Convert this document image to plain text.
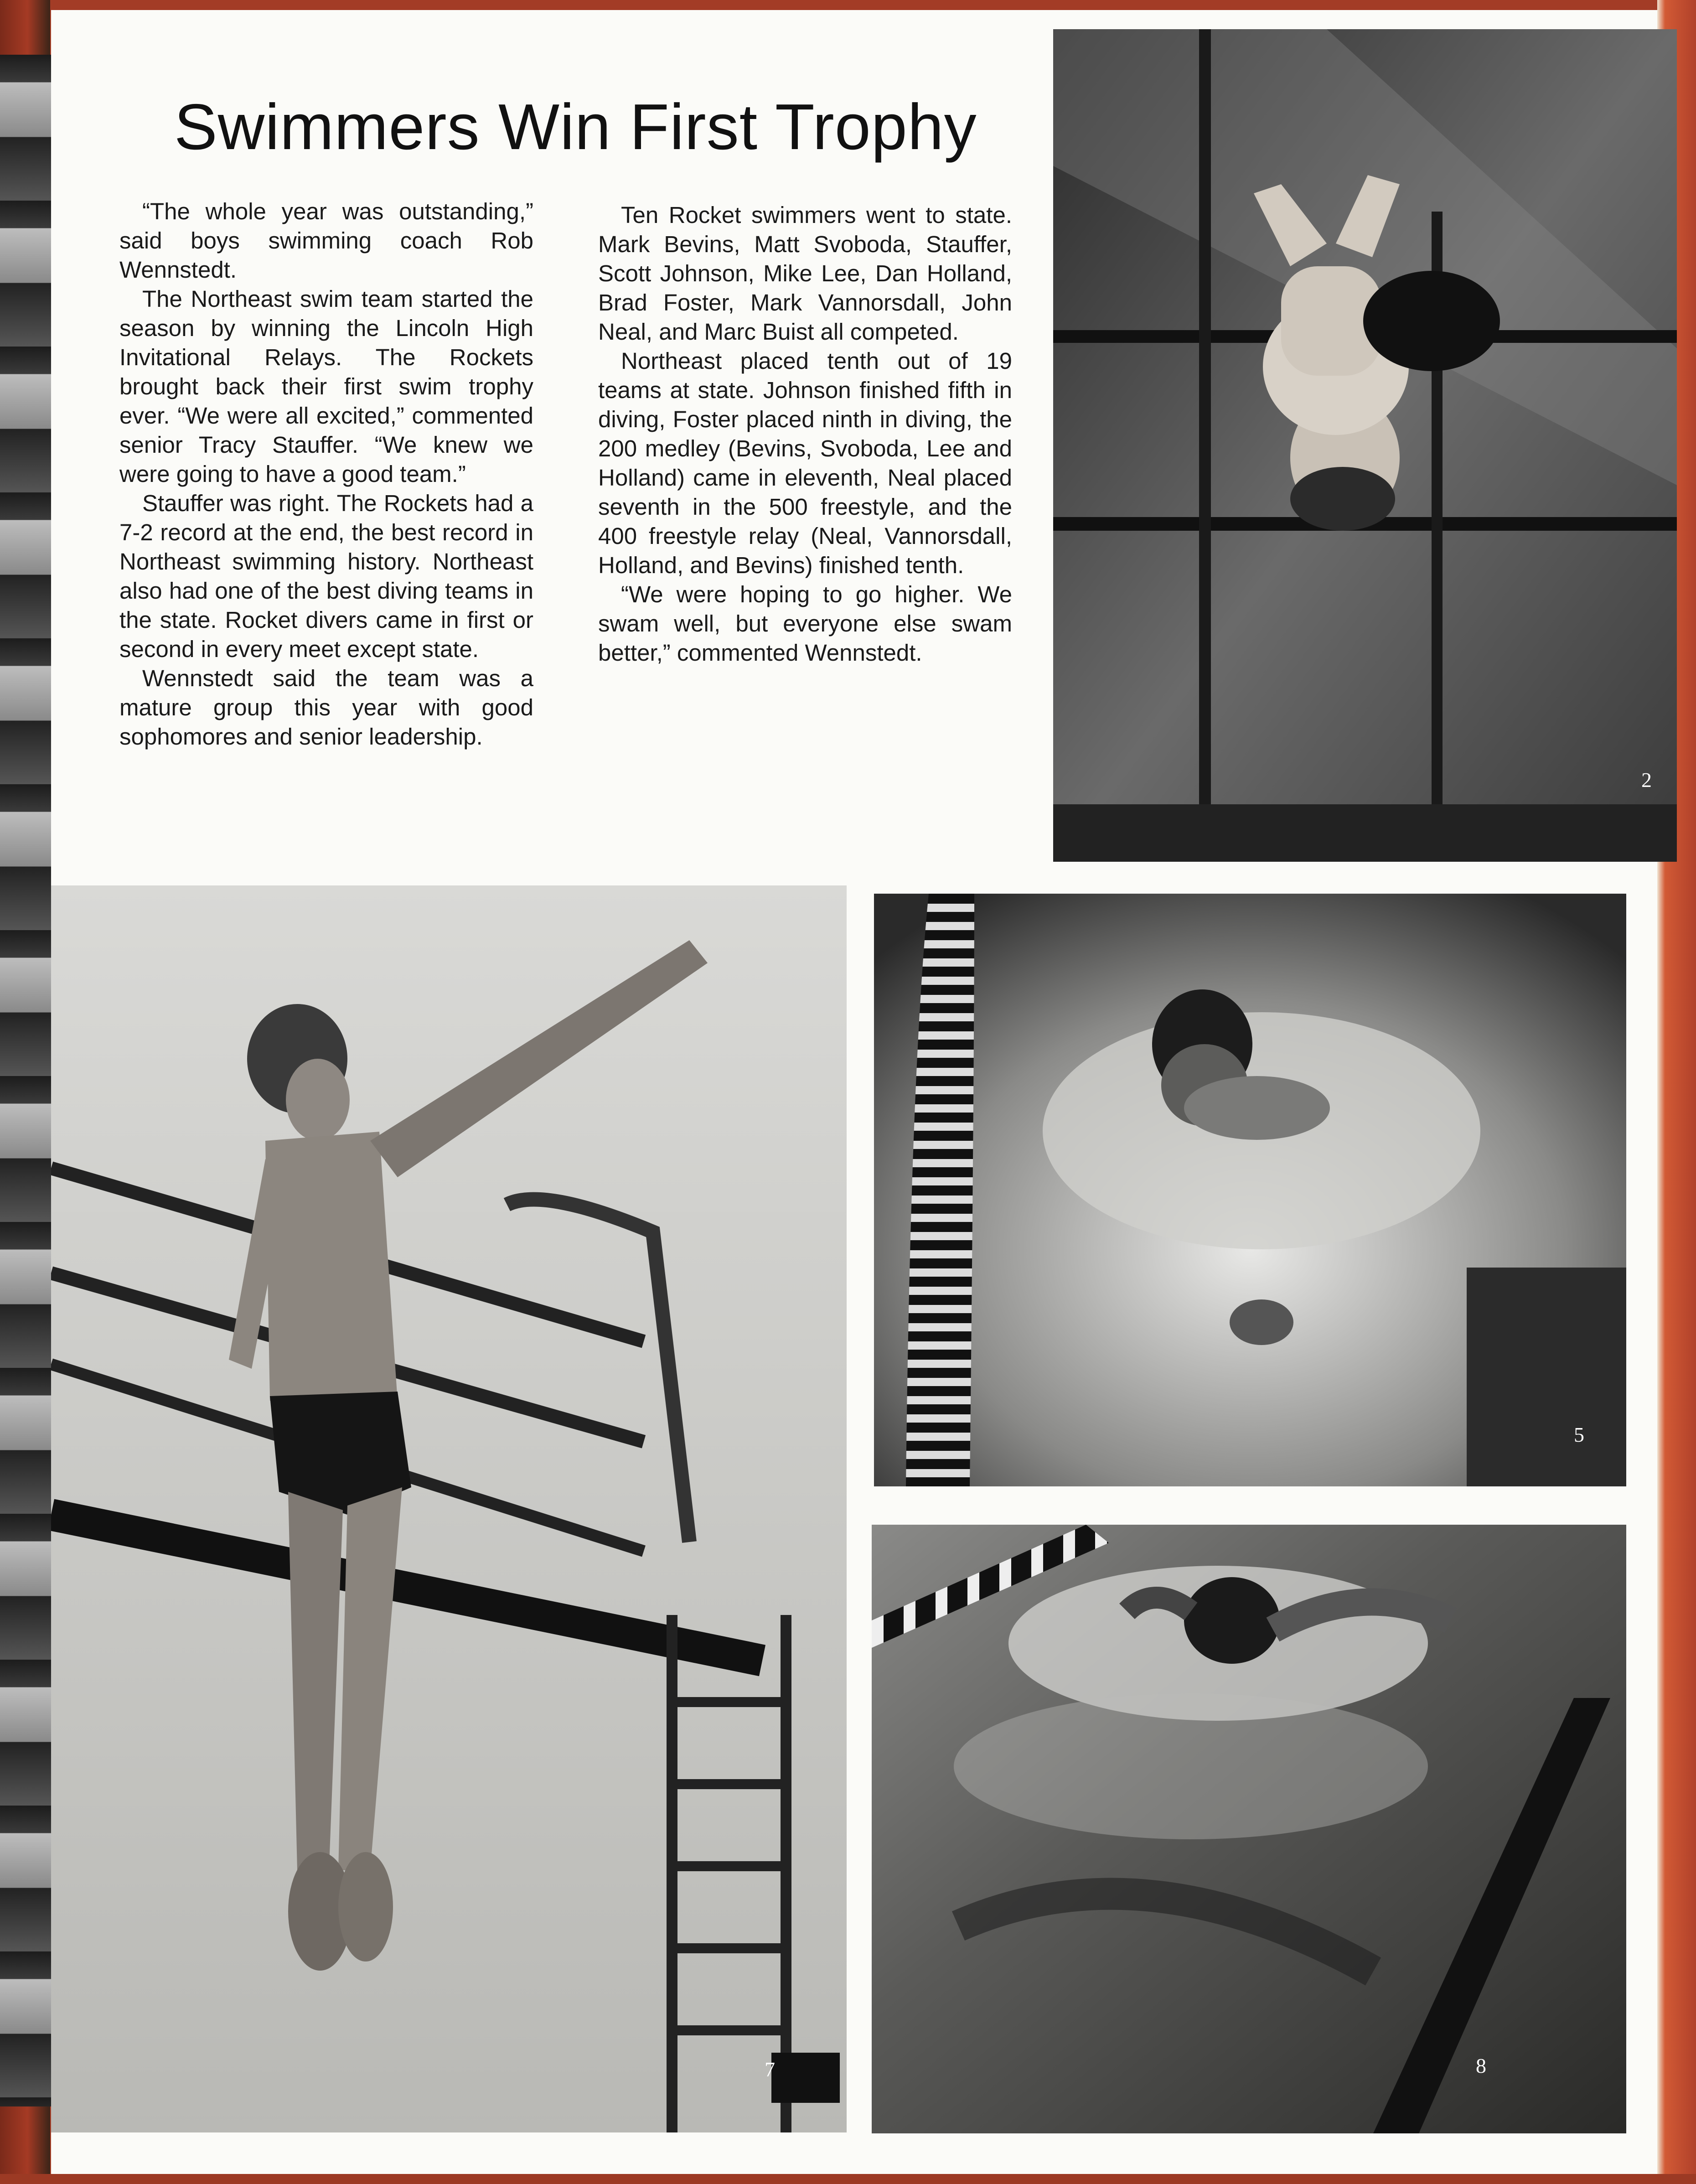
Swimmers Win First Trophy

“The whole year was outstanding,” said boys swimming coach Rob Wennstedt.

The Northeast swim team started the season by winning the Lincoln High Invitational Relays. The Rockets brought back their first swim trophy ever. “We were all excited,” commented senior Tracy Stauffer. “We knew we were going to have a good team.”

Stauffer was right. The Rockets had a 7-2 record at the end, the best record in Northeast swimming history. Northeast also had one of the best diving teams in the state. Rocket divers came in first or second in every meet except state.

Wennstedt said the team was a mature group this year with good sophomores and senior leadership.

Ten Rocket swimmers went to state. Mark Bevins, Matt Svoboda, Stauffer, Scott Johnson, Mike Lee, Dan Holland, Brad Foster, Mark Vannorsdall, John Neal, and Marc Buist all competed.

Northeast placed tenth out of 19 teams at state. Johnson finished fifth in diving, Foster placed ninth in diving, the 200 medley (Bevins, Svoboda, Lee and Holland) came in eleventh, Neal placed seventh in the 500 freestyle, and the 400 freestyle relay (Neal, Vannorsdall, Holland, and Bevins) finished tenth.

“We were hoping to go higher. We swam well, but everyone else swam better,” commented Wennstedt.

2
7
5
8
